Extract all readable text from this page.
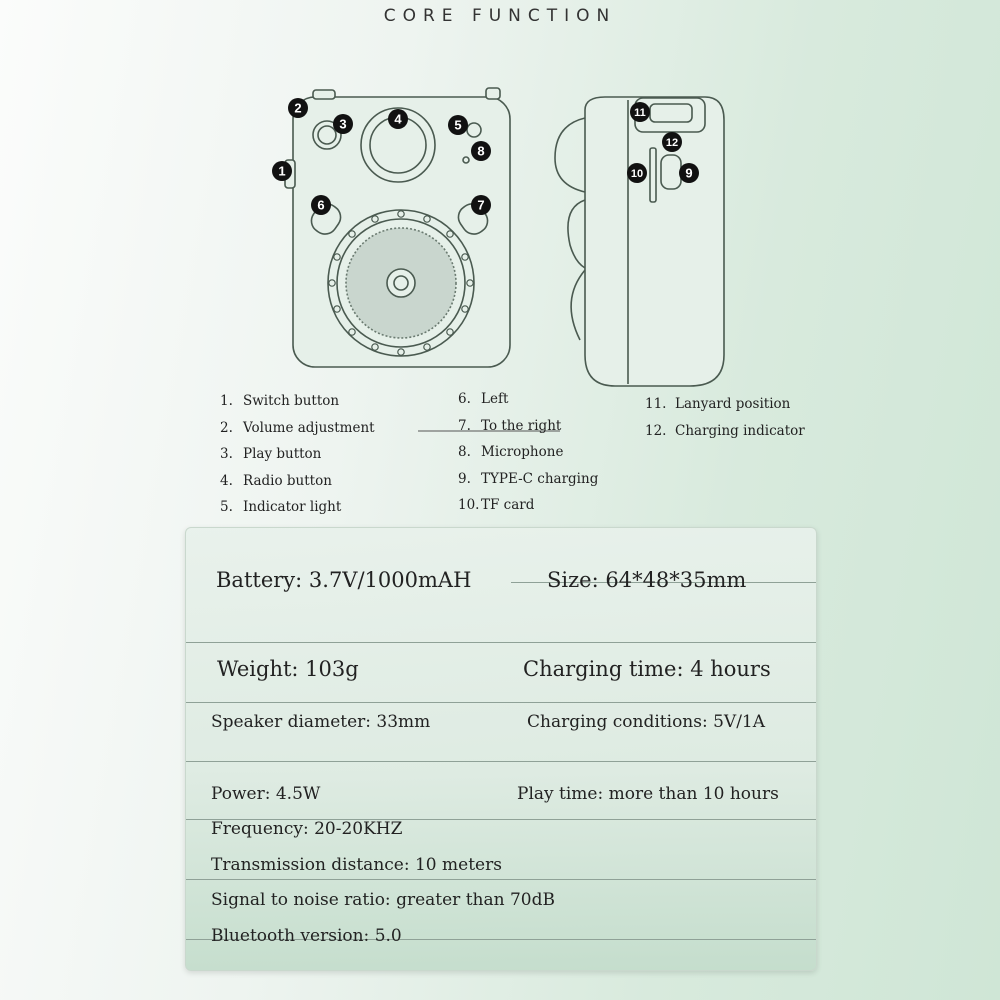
CORE FUNCTION
1
2
3	4	5
6	7
8
9
10
11
12
1. Switch button
2. Volume adjustment
3. Play button
4. Radio button
5. Indicator light
6. Left
7. To the right
8. Microphone
9. TYPE-C charging
10. TF card
11. Lanyard position
12. Charging indicator
Battery: 3.7V/1000mAH	Size: 64*48*35mm
Weight: 103g	Charging time: 4 hours
Speaker diameter: 33mm	Charging conditions: 5V/1A
Power: 4.5W	Play time: more than 10 hours
Frequency: 20-20KHZ
Transmission distance: 10 meters
Signal to noise ratio: greater than 70dB
Bluetooth version: 5.0
